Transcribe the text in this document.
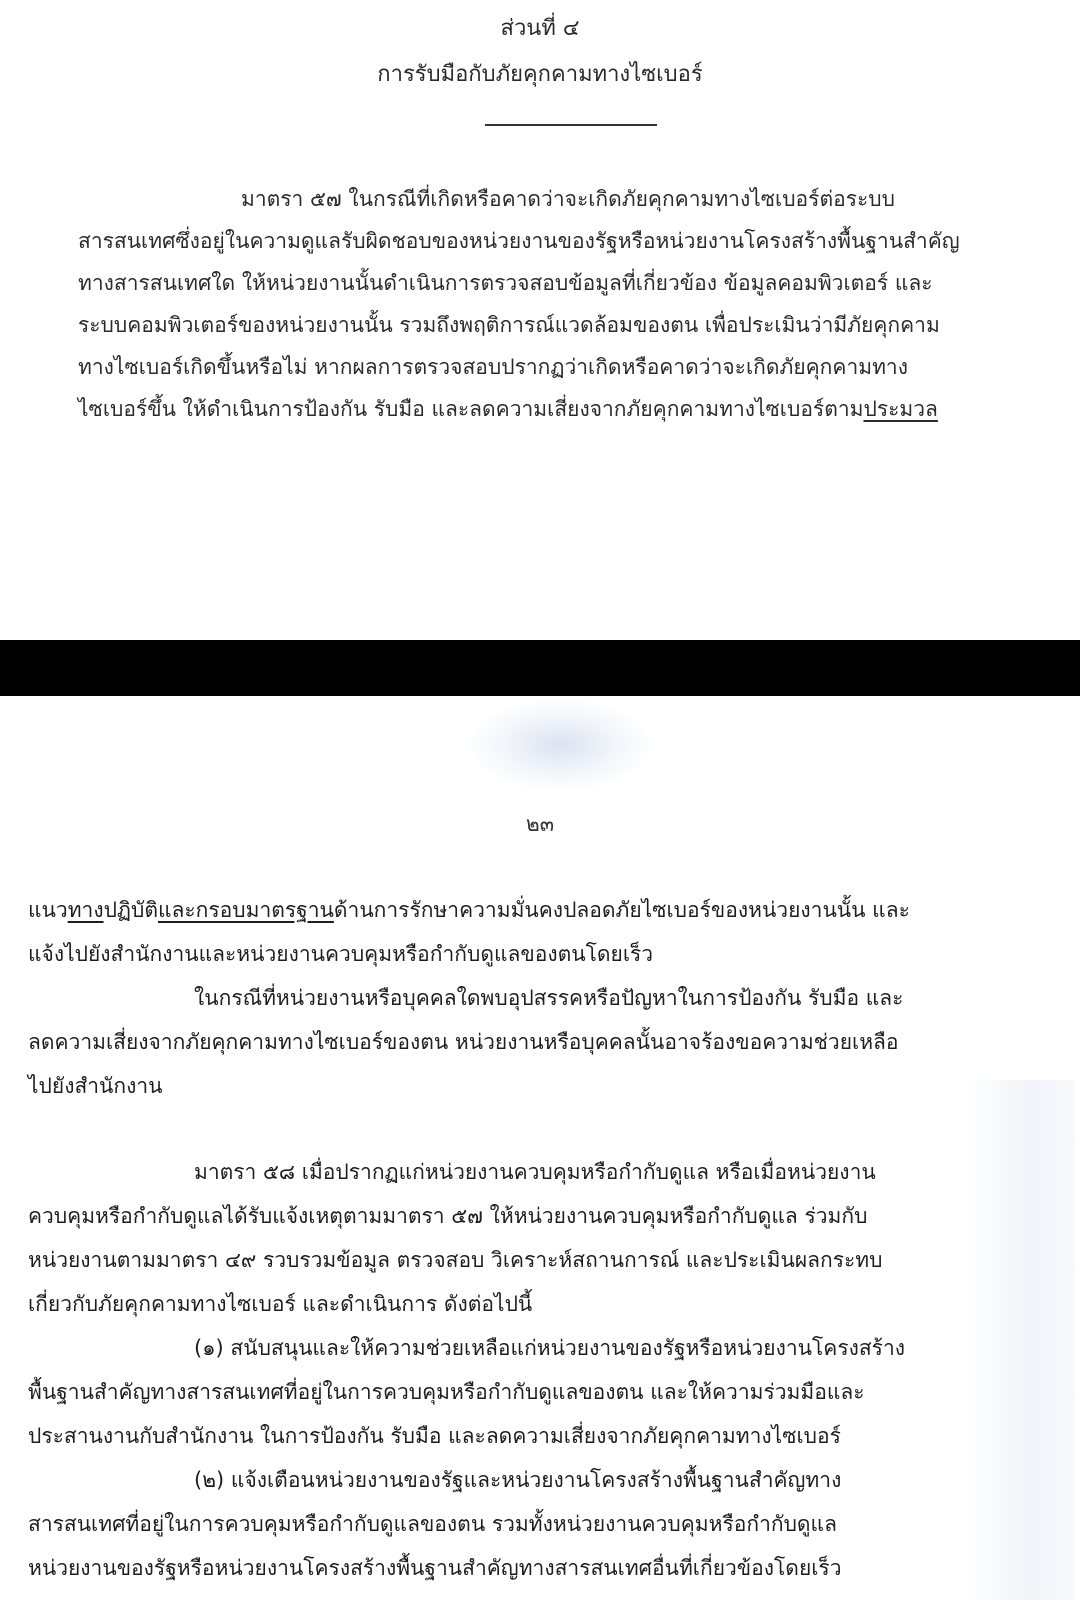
ส่วนที่ ๔
การรับมือกับภัยคุกคามทางไซเบอร์
มาตรา ๕๗ ในกรณีที่เกิดหรือคาดว่าจะเกิดภัยคุกคามทางไซเบอร์ต่อระบบ
สารสนเทศซึ่งอยู่ในความดูแลรับผิดชอบของหน่วยงานของรัฐหรือหน่วยงานโครงสร้างพื้นฐานสำคัญ
ทางสารสนเทศใด ให้หน่วยงานนั้นดำเนินการตรวจสอบข้อมูลที่เกี่ยวข้อง ข้อมูลคอมพิวเตอร์ และ
ระบบคอมพิวเตอร์ของหน่วยงานนั้น รวมถึงพฤติการณ์แวดล้อมของตน เพื่อประเมินว่ามีภัยคุกคาม
ทางไซเบอร์เกิดขึ้นหรือไม่ หากผลการตรวจสอบปรากฏว่าเกิดหรือคาดว่าจะเกิดภัยคุกคามทาง
ไซเบอร์ขึ้น ให้ดำเนินการป้องกัน รับมือ และลดความเสี่ยงจากภัยคุกคามทางไซเบอร์ตามประมวล
๒๓
แนวทางปฏิบัติและกรอบมาตรฐานด้านการรักษาความมั่นคงปลอดภัยไซเบอร์ของหน่วยงานนั้น และ
แจ้งไปยังสำนักงานและหน่วยงานควบคุมหรือกำกับดูแลของตนโดยเร็ว
ในกรณีที่หน่วยงานหรือบุคคลใดพบอุปสรรคหรือปัญหาในการป้องกัน รับมือ และ
ลดความเสี่ยงจากภัยคุกคามทางไซเบอร์ของตน หน่วยงานหรือบุคคลนั้นอาจร้องขอความช่วยเหลือ
ไปยังสำนักงาน
มาตรา ๕๘ เมื่อปรากฏแก่หน่วยงานควบคุมหรือกำกับดูแล หรือเมื่อหน่วยงาน
ควบคุมหรือกำกับดูแลได้รับแจ้งเหตุตามมาตรา ๕๗ ให้หน่วยงานควบคุมหรือกำกับดูแล ร่วมกับ
หน่วยงานตามมาตรา ๔๙ รวบรวมข้อมูล ตรวจสอบ วิเคราะห์สถานการณ์ และประเมินผลกระทบ
เกี่ยวกับภัยคุกคามทางไซเบอร์ และดำเนินการ ดังต่อไปนี้
(๑) สนับสนุนและให้ความช่วยเหลือแก่หน่วยงานของรัฐหรือหน่วยงานโครงสร้าง
พื้นฐานสำคัญทางสารสนเทศที่อยู่ในการควบคุมหรือกำกับดูแลของตน และให้ความร่วมมือและ
ประสานงานกับสำนักงาน ในการป้องกัน รับมือ และลดความเสี่ยงจากภัยคุกคามทางไซเบอร์
(๒) แจ้งเตือนหน่วยงานของรัฐและหน่วยงานโครงสร้างพื้นฐานสำคัญทาง
สารสนเทศที่อยู่ในการควบคุมหรือกำกับดูแลของตน รวมทั้งหน่วยงานควบคุมหรือกำกับดูแล
หน่วยงานของรัฐหรือหน่วยงานโครงสร้างพื้นฐานสำคัญทางสารสนเทศอื่นที่เกี่ยวข้องโดยเร็ว
